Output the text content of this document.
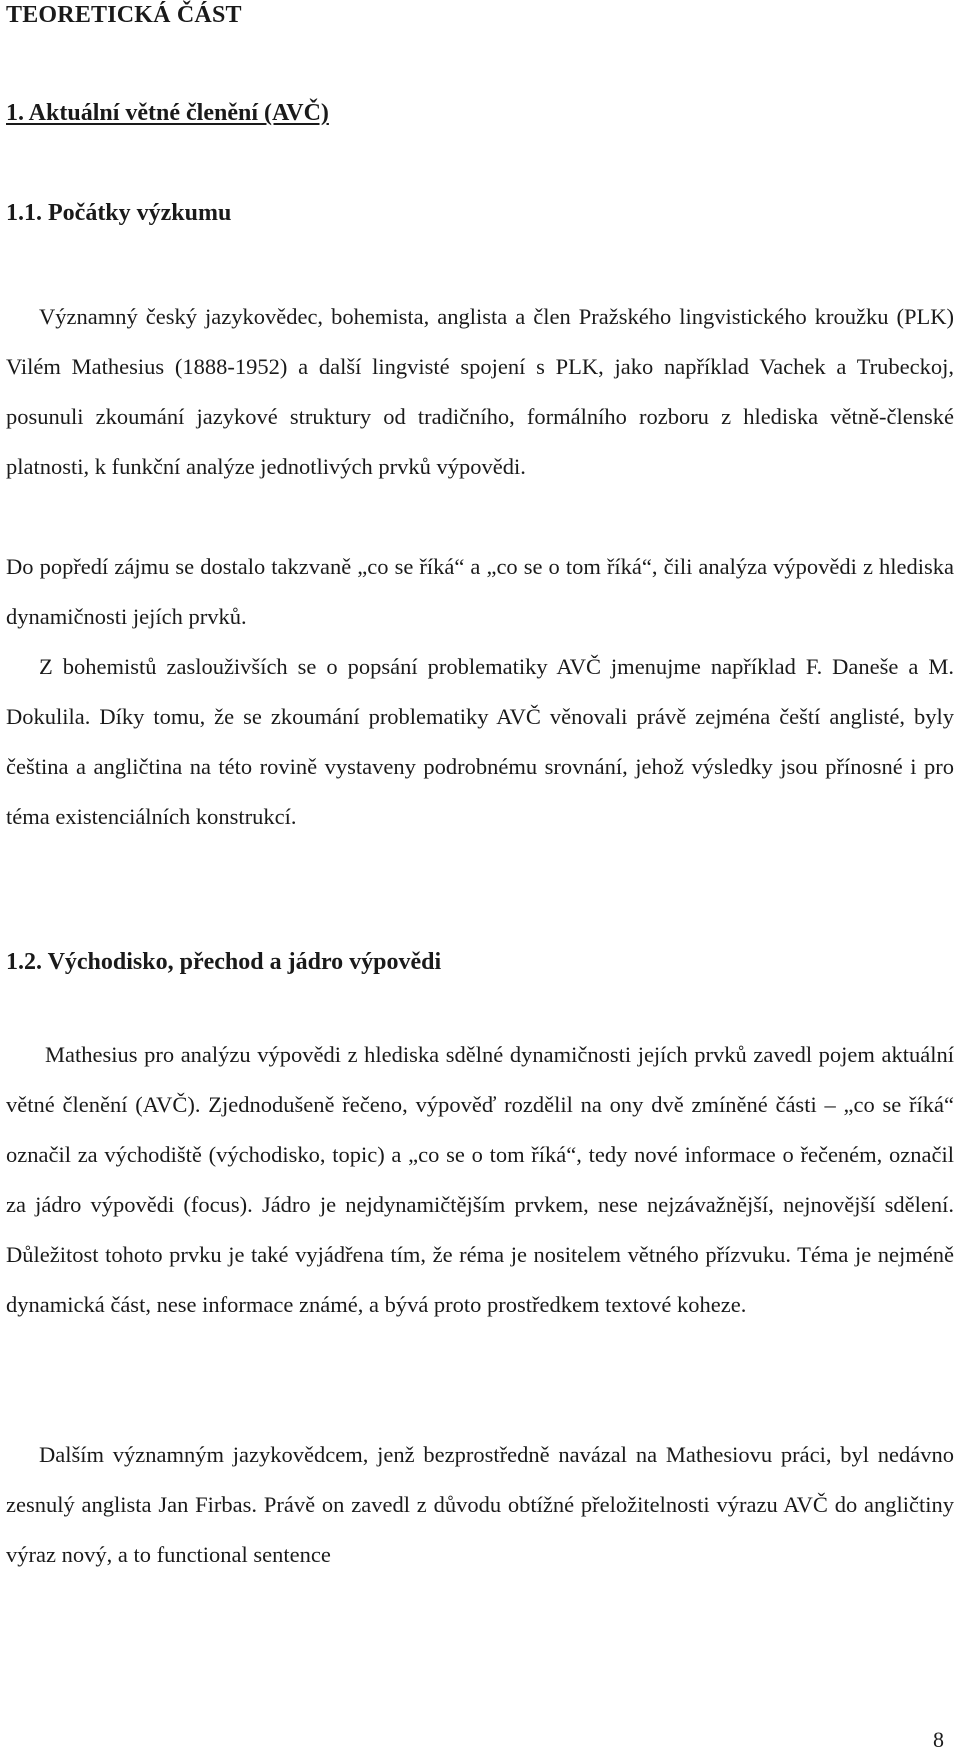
TEORETICKÁ ČÁST
1. Aktuální větné členění (AVČ)
1.1. Počátky výzkumu

Významný český jazykovědec, bohemista, anglista a člen Pražského lingvistického kroužku (PLK) Vilém Mathesius (1888-1952) a další lingvisté spojení s PLK, jako například Vachek a Trubeckoj, posunuli zkoumání jazykové struktury od tradičního, formálního rozboru z hlediska větně-členské platnosti, k funkční analýze jednotlivých prvků výpovědi.

Do popředí zájmu se dostalo takzvaně „co se říká“ a „co se o tom říká“, čili analýza výpovědi z hlediska dynamičnosti jejích prvků.

Z bohemistů zaslouživších se o popsání problematiky AVČ jmenujme například F. Daneše a M. Dokulila. Díky tomu, že se zkoumání problematiky AVČ věnovali právě zejména čeští anglisté, byly čeština a angličtina na této rovině vystaveny podrobnému srovnání, jehož výsledky jsou přínosné i pro téma existenciálních konstrukcí.

1.2. Východisko, přechod a jádro výpovědi

Mathesius pro analýzu výpovědi z hlediska sdělné dynamičnosti jejích prvků zavedl pojem aktuální větné členění (AVČ). Zjednodušeně řečeno, výpověď rozdělil na ony dvě zmíněné části – „co se říká“ označil za východiště (východisko, topic) a „co se o tom říká“, tedy nové informace o řečeném, označil za jádro výpovědi (focus). Jádro je nejdynamičtějším prvkem, nese nejzávažnější, nejnovější sdělení. Důležitost tohoto prvku je také vyjádřena tím, že réma je nositelem větného přízvuku. Téma je nejméně dynamická část, nese informace známé, a bývá proto prostředkem textové koheze.

Dalším významným jazykovědcem, jenž bezprostředně navázal na Mathesiovu práci, byl nedávno zesnulý anglista Jan Firbas. Právě on zavedl z důvodu obtížné přeložitelnosti výrazu AVČ do angličtiny výraz nový, a to functional sentence

8
